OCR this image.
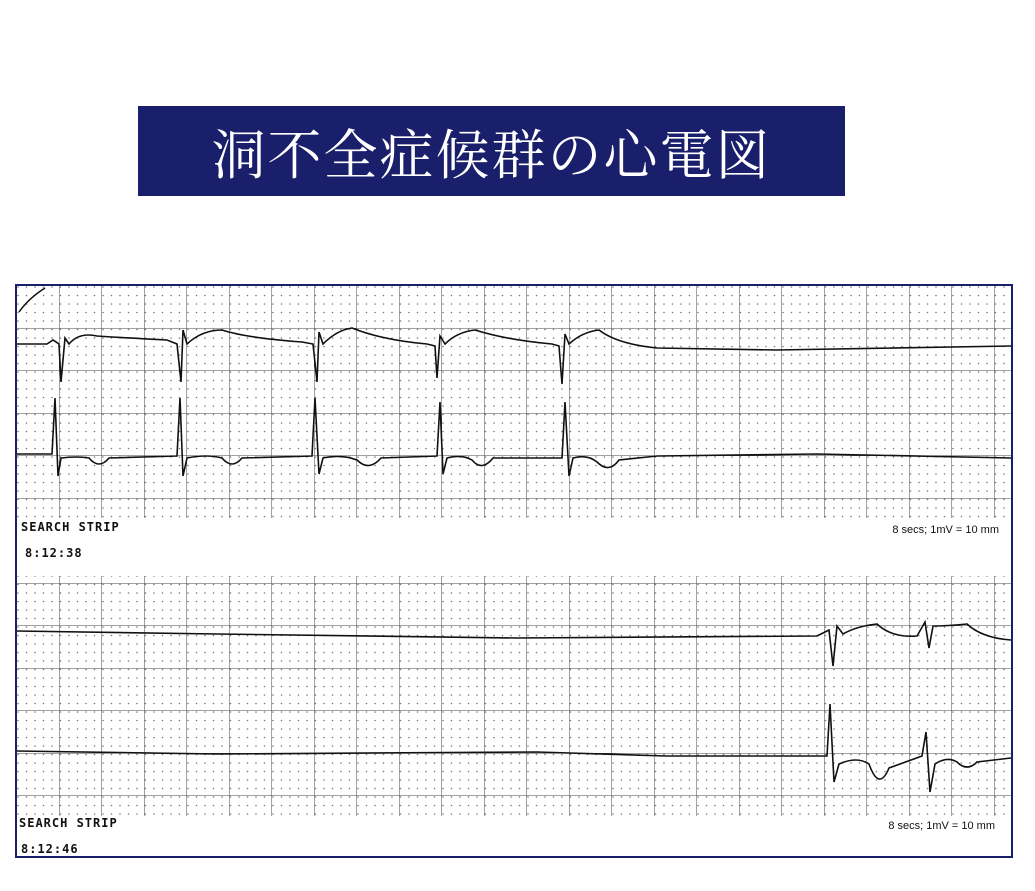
洞不全症候群の心電図
SEARCH STRIP
8:12:38
8 secs; 1mV = 10 mm
SEARCH STRIP
8:12:46
8 secs; 1mV = 10 mm
